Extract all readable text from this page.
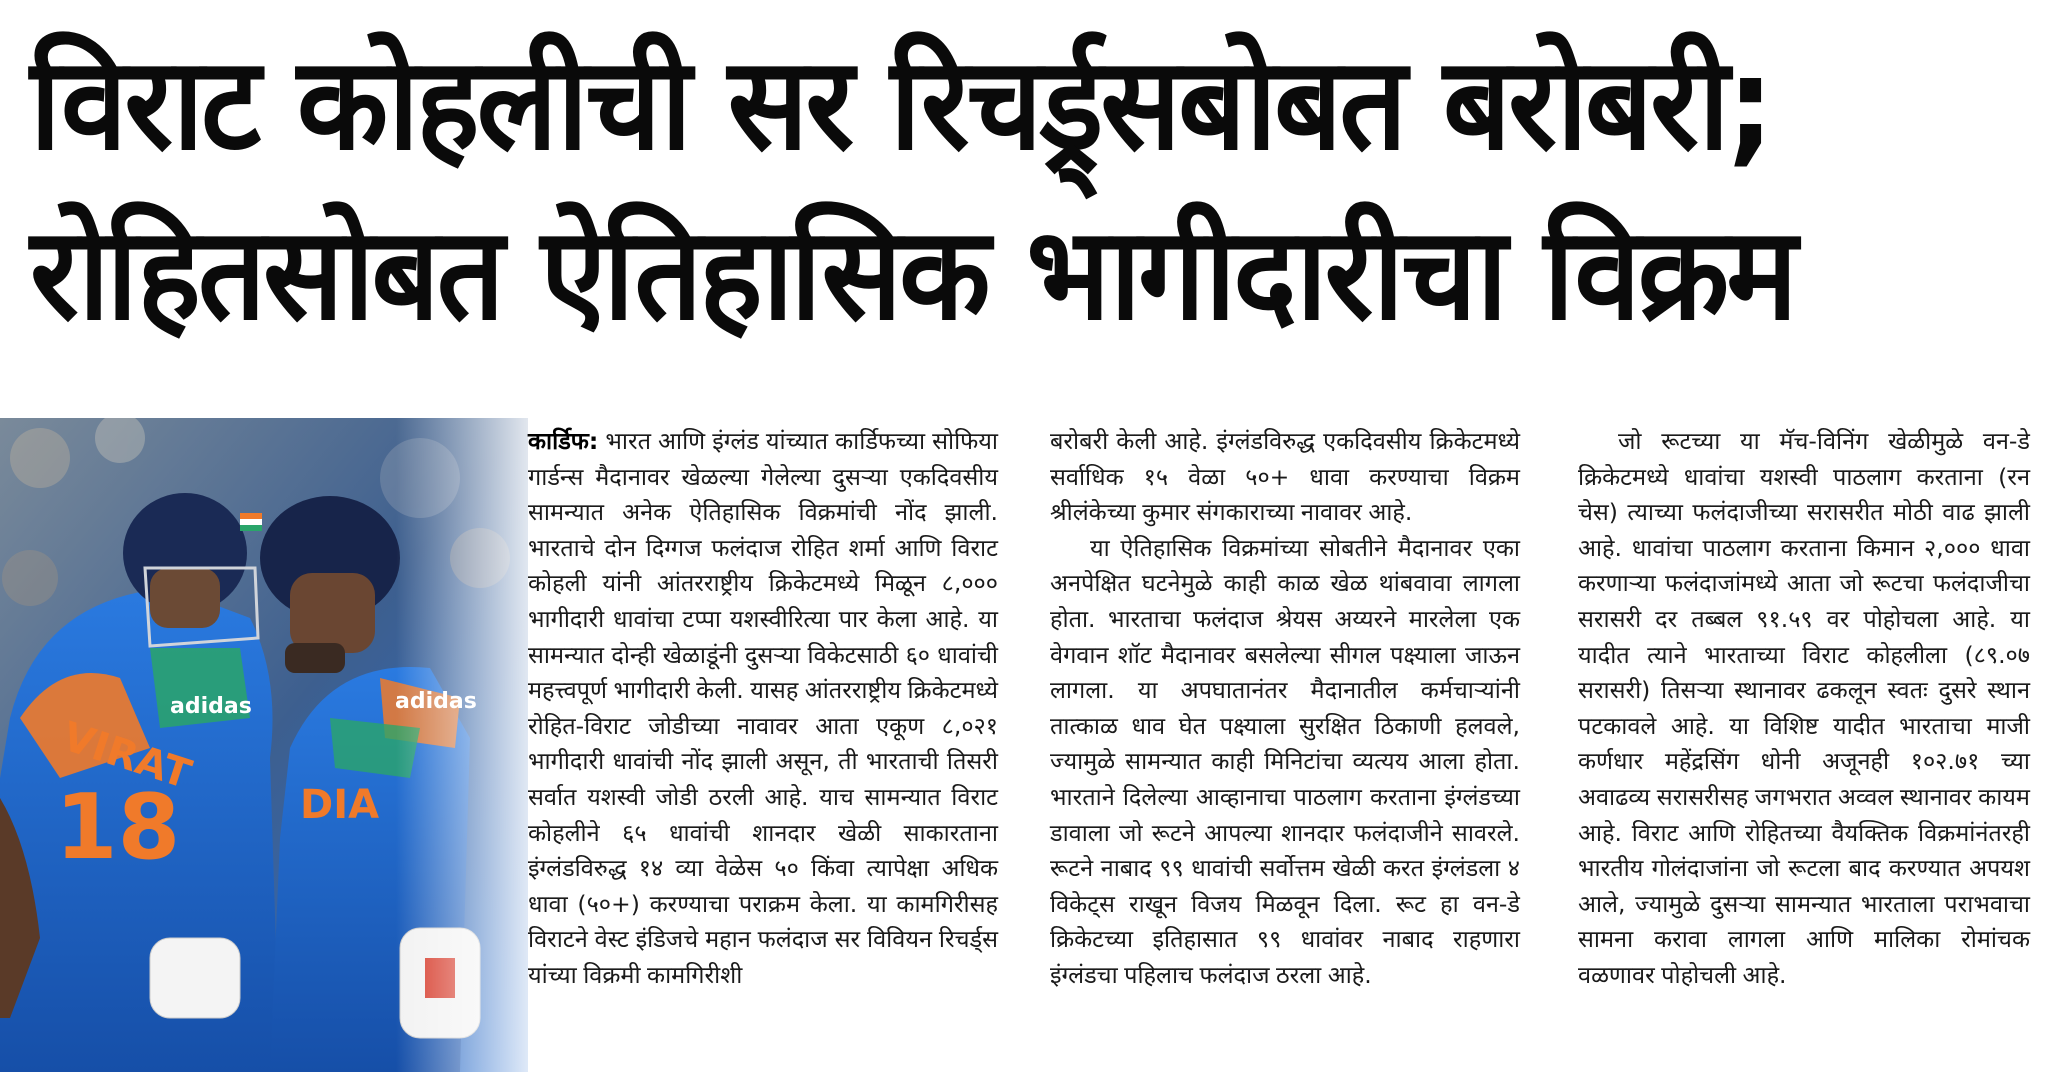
विराट कोहलीची सर रिचर्ड्र्सबोबत बरोबरी;
रोहितसोबत ऐतिहासिक भागीदारीचा विक्रम

कार्डिफ: भारत आणि इंग्लंड यांच्यात कार्डिफच्या सोफिया गार्डन्स मैदानावर खेळल्या गेलेल्या दुसऱ्या एकदिवसीय सामन्यात अनेक ऐतिहासिक विक्रमांची नोंद झाली. भारताचे दोन दिग्गज फलंदाज रोहित शर्मा आणि विराट कोहली यांनी आंतरराष्ट्रीय क्रिकेटमध्ये मिळून ८,००० भागीदारी धावांचा टप्पा यशस्वीरित्या पार केला आहे. या सामन्यात दोन्ही खेळाडूंनी दुसऱ्या विकेटसाठी ६० धावांची महत्त्वपूर्ण भागीदारी केली. यासह आंतरराष्ट्रीय क्रिकेटमध्ये रोहित-विराट जोडीच्या नावावर आता एकूण ८,०२१ भागीदारी धावांची नोंद झाली असून, ती भारताची तिसरी सर्वात यशस्वी जोडी ठरली आहे. याच सामन्यात विराट कोहलीने ६५ धावांची शानदार खेळी साकारताना इंग्लंडविरुद्ध १४ व्या वेळेस ५० किंवा त्यापेक्षा अधिक धावा (५०+) करण्याचा पराक्रम केला. या कामगिरीसह विराटने वेस्ट इंडिजचे महान फलंदाज सर विवियन रिचर्ड्स यांच्या विक्रमी कामगिरीशी

बरोबरी केली आहे. इंग्लंडविरुद्ध एकदिवसीय क्रिकेटमध्ये सर्वाधिक १५ वेळा ५०+ धावा करण्याचा विक्रम श्रीलंकेच्या कुमार संगकाराच्या नावावर आहे.

या ऐतिहासिक विक्रमांच्या सोबतीने मैदानावर एका अनपेक्षित घटनेमुळे काही काळ खेळ थांबवावा लागला होता. भारताचा फलंदाज श्रेयस अय्यरने मारलेला एक वेगवान शॉट मैदानावर बसलेल्या सीगल पक्ष्याला जाऊन लागला. या अपघातानंतर मैदानातील कर्मचाऱ्यांनी तात्काळ धाव घेत पक्ष्याला सुरक्षित ठिकाणी हलवले, ज्यामुळे सामन्यात काही मिनिटांचा व्यत्यय आला होता. भारताने दिलेल्या आव्हानाचा पाठलाग करताना इंग्लंडच्या डावाला जो रूटने आपल्या शानदार फलंदाजीने सावरले. रूटने नाबाद ९९ धावांची सर्वोत्तम खेळी करत इंग्लंडला ४ विकेट्स राखून विजय मिळवून दिला. रूट हा वन-डे क्रिकेटच्या इतिहासात ९९ धावांवर नाबाद राहणारा इंग्लंडचा पहिलाच फलंदाज ठरला आहे.

जो रूटच्या या मॅच-विनिंग खेळीमुळे वन-डे क्रिकेटमध्ये धावांचा यशस्वी पाठलाग करताना (रन चेस) त्याच्या फलंदाजीच्या सरासरीत मोठी वाढ झाली आहे. धावांचा पाठलाग करताना किमान २,००० धावा करणाऱ्या फलंदाजांमध्ये आता जो रूटचा फलंदाजीचा सरासरी दर तब्बल ९१.५९ वर पोहोचला आहे. या यादीत त्याने भारताच्या विराट कोहलीला (८९.०७ सरासरी) तिसऱ्या स्थानावर ढकलून स्वतः दुसरे स्थान पटकावले आहे. या विशिष्ट यादीत भारताचा माजी कर्णधार महेंद्रसिंग धोनी अजूनही १०२.७१ च्या अवाढव्य सरासरीसह जगभरात अव्वल स्थानावर कायम आहे. विराट आणि रोहितच्या वैयक्तिक विक्रमांनंतरही भारतीय गोलंदाजांना जो रूटला बाद करण्यात अपयश आले, ज्यामुळे दुसऱ्या सामन्यात भारताला पराभवाचा सामना करावा लागला आणि मालिका रोमांचक वळणावर पोहोचली आहे.
